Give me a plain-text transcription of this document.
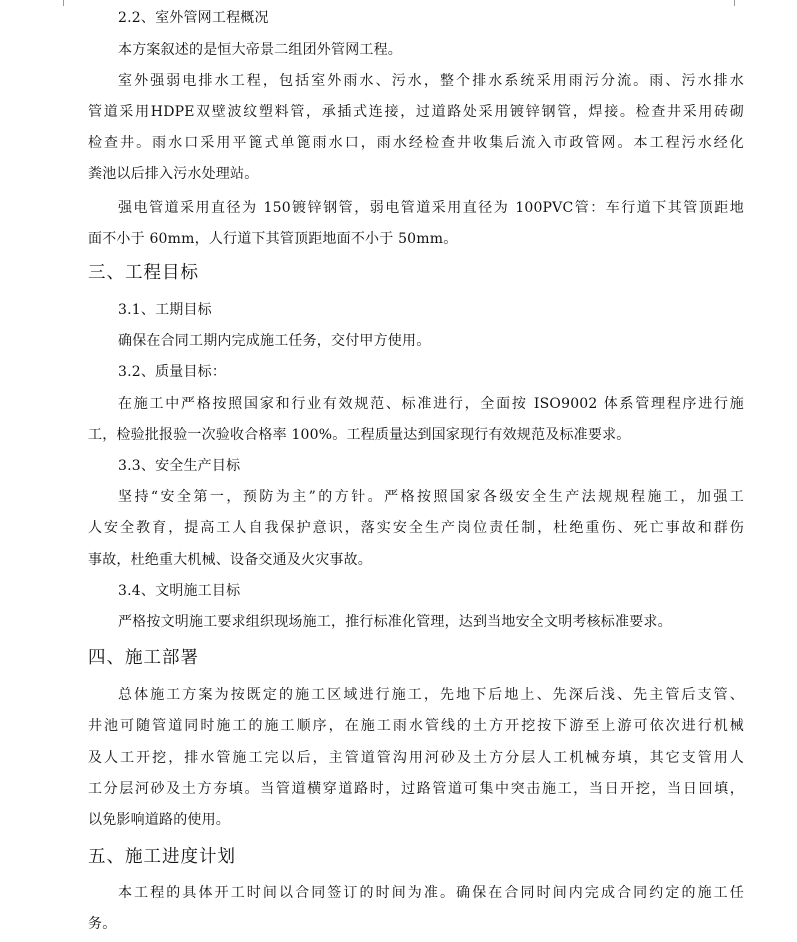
2.2、室外管网工程概况
本方案叙述的是恒大帝景二组团外管网工程。
室外强弱电排水工程，包括室外雨水、污水，整个排水系统采用雨污分流。雨、污水排水
管道采用HDPE双壁波纹塑料管，承插式连接，过道路处采用镀锌钢管，焊接。检查井采用砖砌
检查井。雨水口采用平篦式单篦雨水口，雨水经检查井收集后流入市政管网。本工程污水经化
粪池以后排入污水处理站。
强电管道采用直径为 150镀锌钢管，弱电管道采用直径为 100PVC管：车行道下其管顶距地
面不小于 60mm，人行道下其管顶距地面不小于 50mm。
三、工程目标
3.1、工期目标
确保在合同工期内完成施工任务，交付甲方使用。
3.2、质量目标：
在施工中严格按照国家和行业有效规范、标准进行，全面按 ISO9002 体系管理程序进行施
工，检验批报验一次验收合格率 100%。工程质量达到国家现行有效规范及标准要求。
3.3、安全生产目标
坚持“安全第一，预防为主”的方针。严格按照国家各级安全生产法规规程施工，加强工
人安全教育，提高工人自我保护意识，落实安全生产岗位责任制，杜绝重伤、死亡事故和群伤
事故，杜绝重大机械、设备交通及火灾事故。
3.4、文明施工目标
严格按文明施工要求组织现场施工，推行标准化管理，达到当地安全文明考核标准要求。
四、施工部署
总体施工方案为按既定的施工区域进行施工，先地下后地上、先深后浅、先主管后支管、
井池可随管道同时施工的施工顺序，在施工雨水管线的土方开挖按下游至上游可依次进行机械
及人工开挖，排水管施工完以后，主管道管沟用河砂及土方分层人工机械夯填，其它支管用人
工分层河砂及土方夯填。当管道横穿道路时，过路管道可集中突击施工，当日开挖，当日回填，
以免影响道路的使用。
五、施工进度计划
本工程的具体开工时间以合同签订的时间为准。确保在合同时间内完成合同约定的施工任
务。
